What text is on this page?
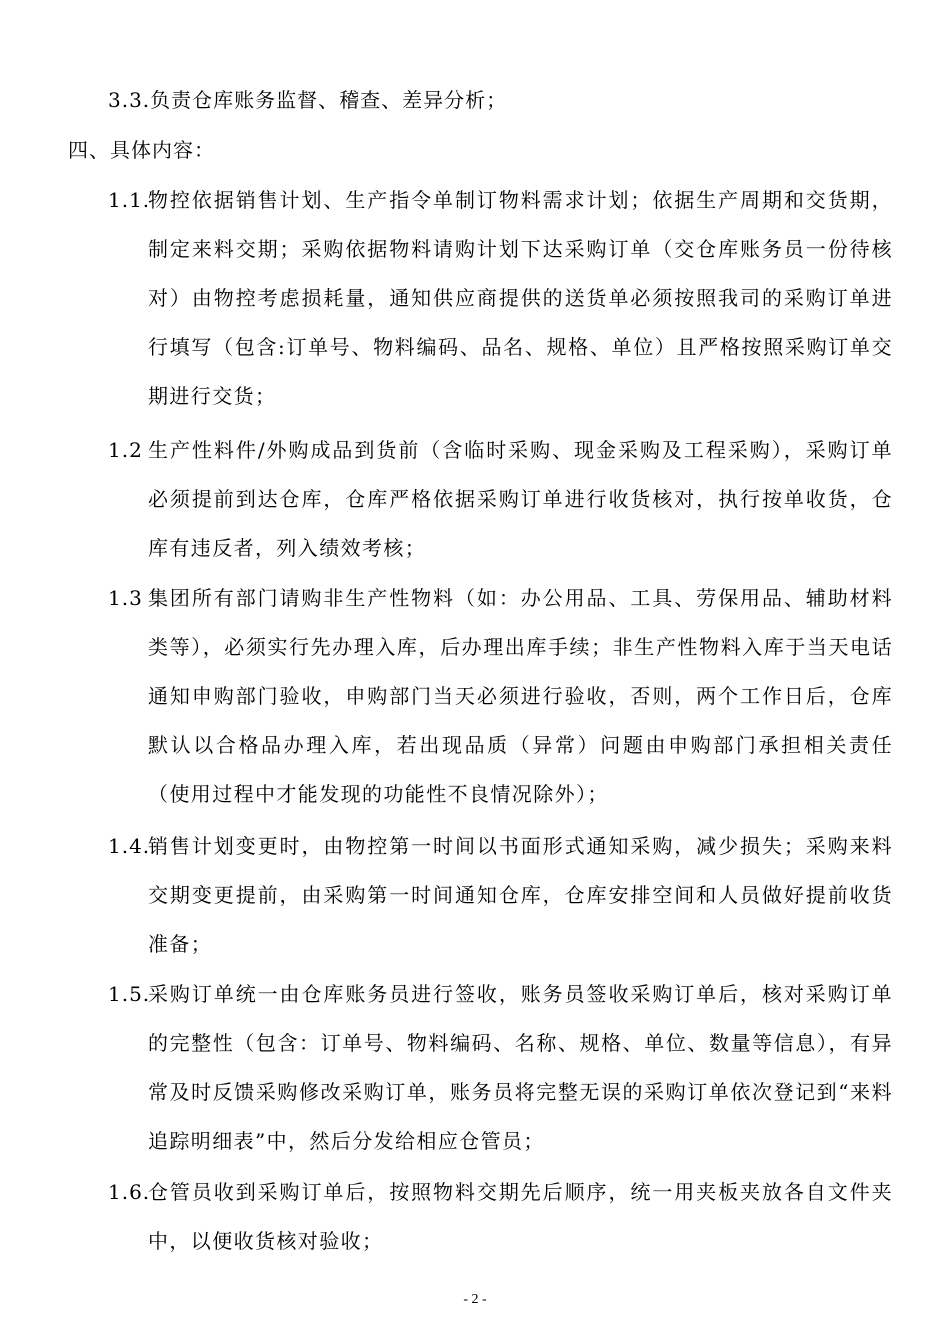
3.3.负责仓库账务监督、稽查、差异分析；
四、具体内容：
1.1.
物控依据销售计划、生产指令单制订物料需求计划；依据生产周期和交货期，制定来料交期；采购依据物料请购计划下达采购订单（交仓库账务员一份待核对）由物控考虑损耗量，通知供应商提供的送货单必须按照我司的采购订单进行填写（包含:订单号、物料编码、品名、规格、单位）且严格按照采购订单交期进行交货；
1.2 生产性料件/外购成品到货前（含临时采购、现金采购及工程采购），采购订单必须提前到达仓库，仓库严格依据采购订单进行收货核对，执行按单收货，仓库有违反者，列入绩效考核；
1.3 集团所有部门请购非生产性物料（如：办公用品、工具、劳保用品、辅助材料类等），必须实行先办理入库，后办理出库手续；非生产性物料入库于当天电话通知申购部门验收，申购部门当天必须进行验收，否则，两个工作日后，仓库默认以合格品办理入库，若出现品质（异常）问题由申购部门承担相关责任（使用过程中才能发现的功能性不良情况除外）；
1.4.
销售计划变更时，由物控第一时间以书面形式通知采购，减少损失；采购来料交期变更提前，由采购第一时间通知仓库，仓库安排空间和人员做好提前收货准备；
1.5.
采购订单统一由仓库账务员进行签收，账务员签收采购订单后，核对采购订单的完整性（包含：订单号、物料编码、名称、规格、单位、数量等信息），有异常及时反馈采购修改采购订单，账务员将完整无误的采购订单依次登记到“来料追踪明细表”中，然后分发给相应仓管员；
1.6.
仓管员收到采购订单后，按照物料交期先后顺序，统一用夹板夹放各自文件夹中，以便收货核对验收；
- 2 -
